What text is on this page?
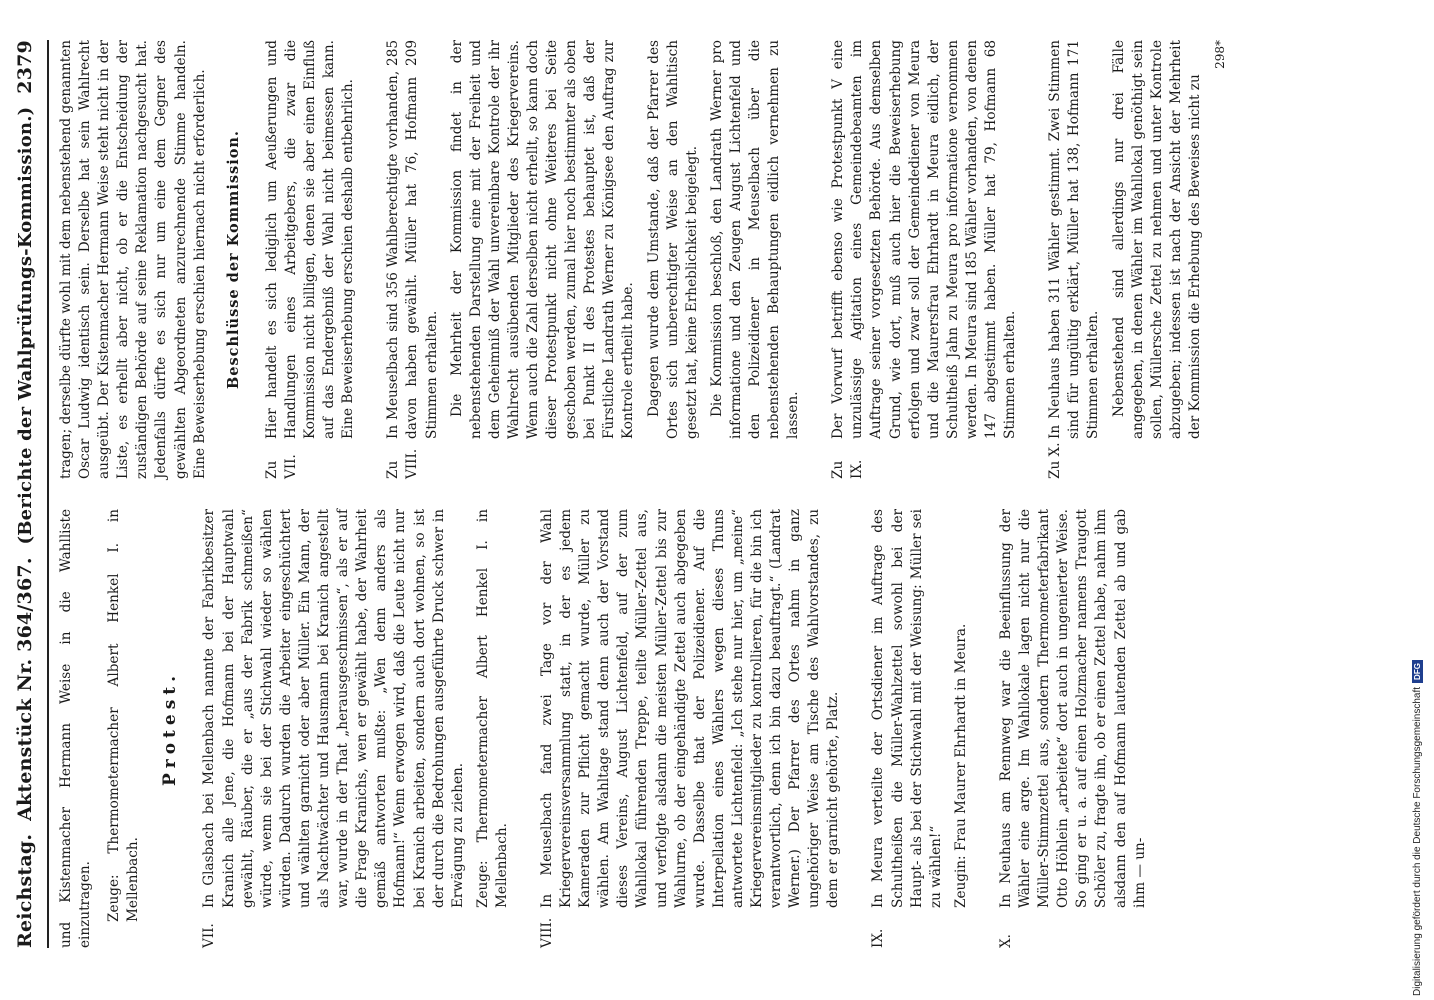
Reichstag.
Aktenstück Nr. 364/367.
(Berichte der Wahlprüfungs-Kommission.)
2379

und Kistenmacher Hermann Weise in die Wahlliste einzutragen. Zeuge: Thermometermacher Albert Henkel I. in Mellenbach.

Protest.
VII.

In Glasbach bei Mellenbach nannte der Fabrikbesitzer Kranich alle Jene, die Hofmann bei der Hauptwahl gewählt, Räuber, die er „aus der Fabrik schmeißen“ würde, wenn sie bei der Stichwahl wieder so wählen würden. Dadurch wurden die Arbeiter eingeschüchtert und wählten garnicht oder aber Müller. Ein Mann, der als Nachtwächter und Hausmann bei Kranich angestellt war, wurde in der That „herausgeschmissen“, als er auf die Frage Kranichs, wen er gewählt habe, der Wahrheit gemäß antworten mußte: „Wen denn anders als Hofmann!“ Wenn erwogen wird, daß die Leute nicht nur bei Kranich arbeiten, sondern auch dort wohnen, so ist der durch die Bedrohungen ausgeführte Druck schwer in Erwägung zu ziehen. Zeuge: Thermometermacher Albert Henkel I. in Mellenbach.

VIII.

In Meuselbach fand zwei Tage vor der Wahl Kriegervereinsversammlung statt, in der es jedem Kameraden zur Pflicht gemacht wurde, Müller zu wählen. Am Wahltage stand denn auch der Vorstand dieses Vereins, August Lichtenfeld, auf der zum Wahllokal führenden Treppe, teilte Müller-Zettel aus, und verfolgte alsdann die meisten Müller-Zettel bis zur Wahlurne, ob der eingehändigte Zettel auch abgegeben wurde. Dasselbe that der Polizeidiener. Auf die Interpellation eines Wählers wegen dieses Thuns antwortete Lichtenfeld: „Ich stehe nur hier, um „meine“ Kriegervereinsmitglieder zu kontrollieren, für die bin ich verantwortlich, denn ich bin dazu beauftragt.“ (Landrat Werner.) Der Pfarrer des Ortes nahm in ganz ungehöriger Weise am Tische des Wahlvorstandes, zu dem er garnicht gehörte, Platz.

IX.

In Meura verteilte der Ortsdiener im Auftrage des Schultheißen die Müller-Wahlzettel sowohl bei der Haupt- als bei der Stichwahl mit der Weisung: Müller sei zu wählen!“ Zeugin: Frau Maurer Ehrhardt in Meura.

X.

In Neuhaus am Rennweg war die Beeinflussung der Wähler eine arge. Im Wahllokale lagen nicht nur die Müller-Stimmzettel aus, sondern Thermometerfabrikant Otto Höhlein „arbeitete“ dort auch in ungenierter Weise. So ging er u. a. auf einen Holzmacher namens Traugott Schöler zu, fragte ihn, ob er einen Zettel habe, nahm ihm alsdann den auf Hofmann lautenden Zettel ab und gab ihm — un-

tragen; derselbe dürfte wohl mit dem nebenstehend genannten Oscar Ludwig identisch sein. Derselbe hat sein Wahlrecht ausgeübt. Der Kistenmacher Hermann Weise steht nicht in der Liste, es erhellt aber nicht, ob er die Entscheidung der zuständigen Behörde auf seine Reklamation nachgesucht hat. Jedenfalls dürfte es sich nur um eine dem Gegner des gewählten Abgeordneten anzurechnende Stimme handeln. Eine Beweiserhebung erschien hiernach nicht erforderlich. Beschlüsse der Kommission.
Zu VII.

Hier handelt es sich lediglich um Aeußerungen und Handlungen eines Arbeitgebers, die zwar die Kommission nicht billigen, denen sie aber einen Einfluß auf das Endergebniß der Wahl nicht beimessen kann. Eine Beweiserhebung erschien deshalb entbehrlich.

Zu VIII.

In Meuselbach sind 356 Wahlberechtigte vorhanden, 285 davon haben gewählt. Müller hat 76, Hofmann 209 Stimmen erhalten. Die Mehrheit der Kommission findet in der nebenstehenden Darstellung eine mit der Freiheit und dem Geheimniß der Wahl unvereinbare Kontrole der ihr Wahlrecht ausübenden Mitglieder des Kriegervereins. Wenn auch die Zahl derselben nicht erhellt, so kann doch dieser Protestpunkt nicht ohne Weiteres bei Seite geschoben werden, zumal hier noch bestimmter als oben bei Punkt II des Protestes behauptet ist, daß der Fürstliche Landrath Werner zu Königsee den Auftrag zur Kontrole ertheilt habe. Dagegen wurde dem Umstande, daß der Pfarrer des Ortes sich unberechtigter Weise an den Wahltisch gesetzt hat, keine Erheblichkeit beigelegt. Die Kommission beschloß, den Landrath Werner pro informatione und den Zeugen August Lichtenfeld und den Polizeidiener in Meuselbach über die nebenstehenden Behauptungen eidlich vernehmen zu lassen.

Zu IX.

Der Vorwurf betrifft ebenso wie Protestpunkt V eine unzulässige Agitation eines Gemeindebeamten im Auftrage seiner vorgesetzten Behörde. Aus demselben Grund, wie dort, muß auch hier die Beweiserhebung erfolgen und zwar soll der Gemeindediener von Meura und die Maurersfrau Ehrhardt in Meura eidlich, der Schultheiß Jahn zu Meura pro informatione vernommen werden. In Meura sind 185 Wähler vorhanden, von denen 147 abgestimmt haben. Müller hat 79, Hofmann 68 Stimmen erhalten.

Zu X.

In Neuhaus haben 311 Wähler gestimmt. Zwei Stimmen sind für ungültig erklärt, Müller hat 138, Hofmann 171 Stimmen erhalten. Nebenstehend sind allerdings nur drei Fälle angegeben, in denen Wähler im Wahllokal genöthigt sein sollen, Müllersche Zettel zu nehmen und unter Kontrole abzugeben; indessen ist nach der Ansicht der Mehrheit der Kommission die Erhebung des Beweises nicht zu

298*
Digitalisierung gefördert durch die Deutsche Forschungsgemeinschaft
DFG
